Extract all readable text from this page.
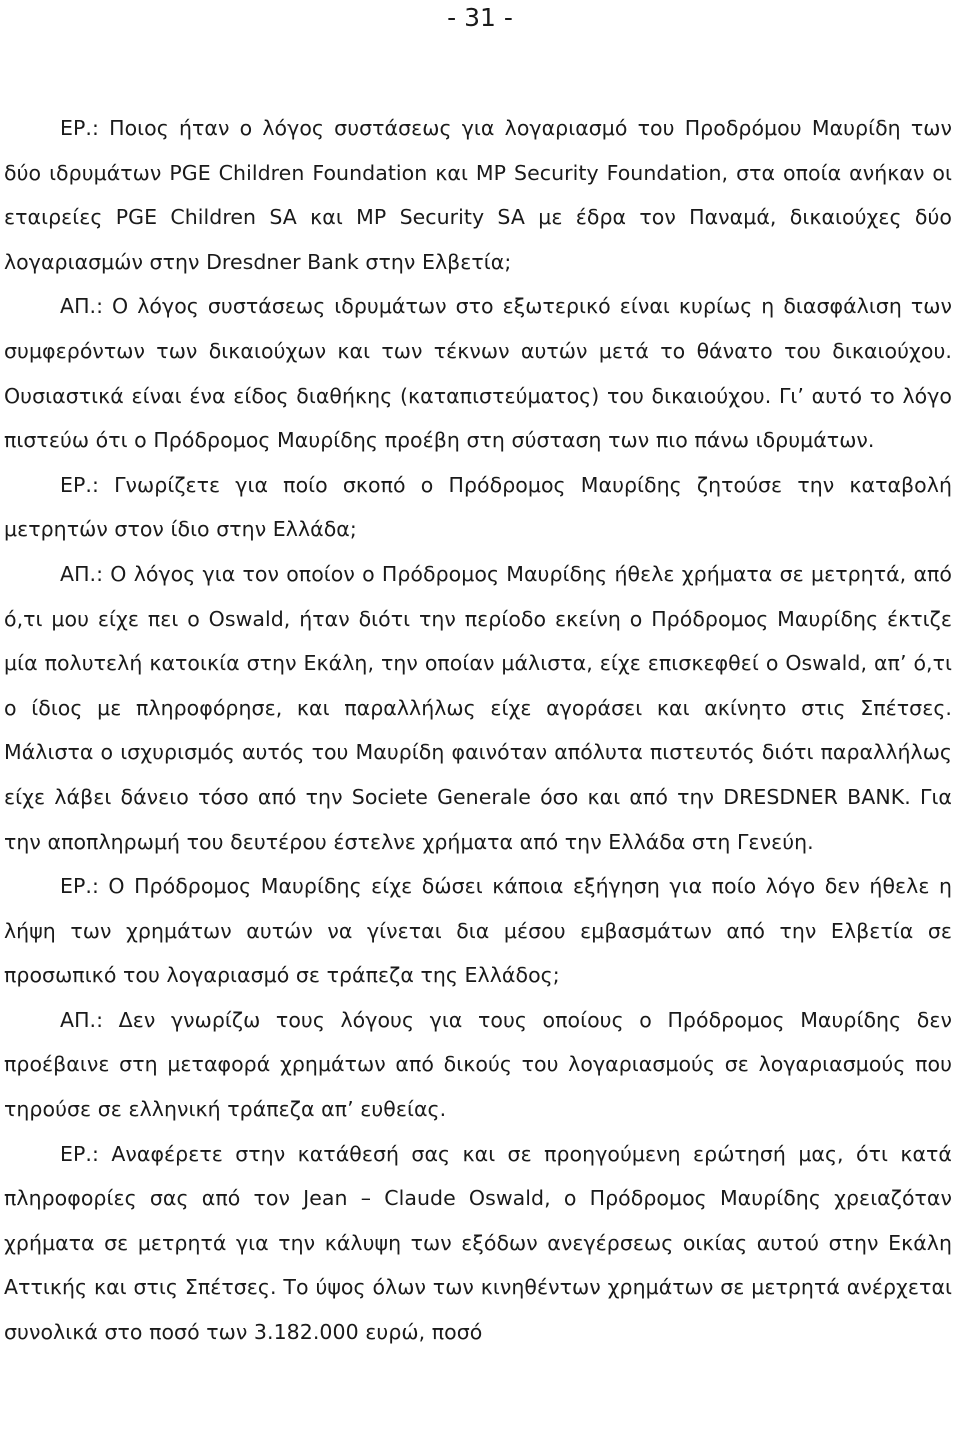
- 31 -

ΕΡ.: Ποιος ήταν ο λόγος συστάσεως για λογαριασμό του Προδρόμου Μαυρίδη των δύο ιδρυμάτων PGE Children Foundation και MP Security Foundation, στα οποία ανήκαν οι εταιρείες PGE Children SA και MP Security SA με έδρα τον Παναμά, δικαιούχες δύο λογαριασμών στην Dresdner Bank στην Ελβετία;

ΑΠ.: Ο λόγος συστάσεως ιδρυμάτων στο εξωτερικό είναι κυρίως η διασφάλιση των συμφερόντων των δικαιούχων και των τέκνων αυτών μετά το θάνατο του δικαιούχου. Ουσιαστικά είναι ένα είδος διαθήκης (καταπιστεύματος) του δικαιούχου. Γι’ αυτό το λόγο πιστεύω ότι ο Πρόδρομος Μαυρίδης προέβη στη σύσταση των πιο πάνω ιδρυμάτων.

ΕΡ.: Γνωρίζετε για ποίο σκοπό ο Πρόδρομος Μαυρίδης ζητούσε την καταβολή μετρητών στον ίδιο στην Ελλάδα;

ΑΠ.: Ο λόγος για τον οποίον ο Πρόδρομος Μαυρίδης ήθελε χρήματα σε μετρητά, από ό,τι μου είχε πει ο Oswald, ήταν διότι την περίοδο εκείνη ο Πρόδρομος Μαυρίδης έκτιζε μία πολυτελή κατοικία στην Εκάλη, την οποίαν μάλιστα, είχε επισκεφθεί ο Oswald, απ’ ό,τι ο ίδιος με πληροφόρησε, και παραλλήλως είχε αγοράσει και ακίνητο στις Σπέτσες. Μάλιστα ο ισχυρισμός αυτός του Μαυρίδη φαινόταν απόλυτα πιστευτός διότι παραλλήλως είχε λάβει δάνειο τόσο από την Societe Generale όσο και από την DRESDNER BANK. Για την αποπληρωμή του δευτέρου έστελνε χρήματα από την Ελλάδα στη Γενεύη.

ΕΡ.: Ο Πρόδρομος Μαυρίδης είχε δώσει κάποια εξήγηση για ποίο λόγο δεν ήθελε η λήψη των χρημάτων αυτών να γίνεται δια μέσου εμβασμάτων από την Ελβετία σε προσωπικό του λογαριασμό σε τράπεζα της Ελλάδος;

ΑΠ.: Δεν γνωρίζω τους λόγους για τους οποίους ο Πρόδρομος Μαυρίδης δεν προέβαινε στη μεταφορά χρημάτων από δικούς του λογαριασμούς σε λογαριασμούς που τηρούσε σε ελληνική τράπεζα απ’ ευθείας.

ΕΡ.: Αναφέρετε στην κατάθεσή σας και σε προηγούμενη ερώτησή μας, ότι κατά πληροφορίες σας από τον Jean – Claude Oswald, ο Πρόδρομος Μαυρίδης χρειαζόταν χρήματα σε μετρητά για την κάλυψη των εξόδων ανεγέρσεως οικίας αυτού στην Εκάλη Αττικής και στις Σπέτσες. Το ύψος όλων των κινηθέντων χρημάτων σε μετρητά ανέρχεται συνολικά στο ποσό των 3.182.000 ευρώ, ποσό
